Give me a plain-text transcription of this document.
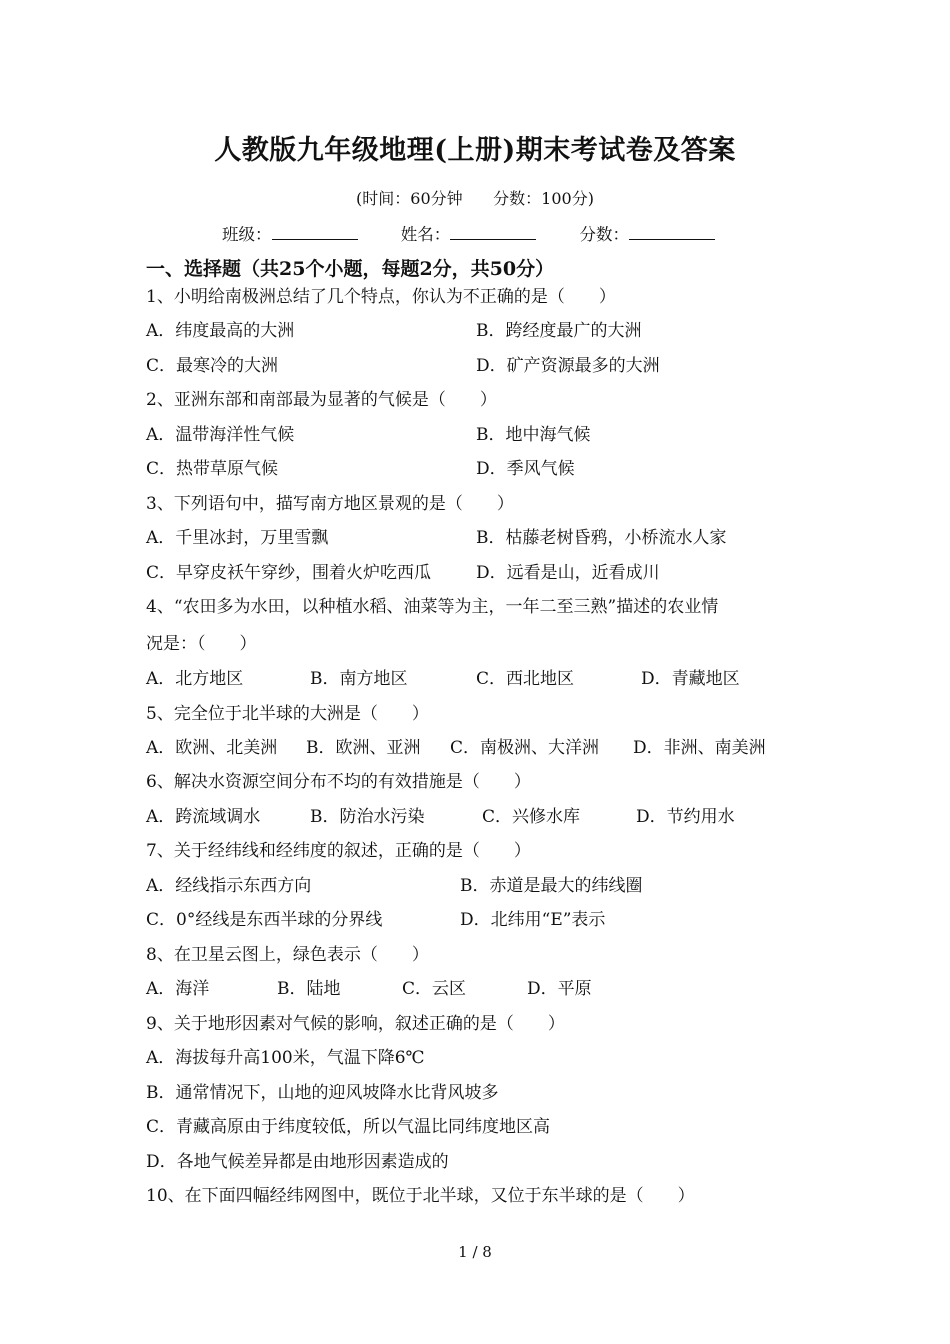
人教版九年级地理(上册)期末考试卷及答案
(时间：60分钟      分数：100分)
班级：	姓名：	分数：
一、选择题（共25个小题，每题2分，共50分）
1、小明给南极洲总结了几个特点，你认为不正确的是（　　）
A．纬度最高的大洲	B．跨经度最广的大洲
C．最寒冷的大洲	D．矿产资源最多的大洲
2、亚洲东部和南部最为显著的气候是（　　）
A．温带海洋性气候	B．地中海气候
C．热带草原气候	D．季风气候
3、下列语句中，描写南方地区景观的是（　　）
A．千里冰封，万里雪飘	B．枯藤老树昏鸦，小桥流水人家
C．早穿皮袄午穿纱，围着火炉吃西瓜	D．远看是山，近看成川
4、“农田多为水田，以种植水稻、油菜等为主，一年二至三熟”描述的农业情
况是：（　　）
A．北方地区	B．南方地区	C．西北地区	D．青藏地区
5、完全位于北半球的大洲是（　　）
A．欧洲、北美洲 B．欧洲、亚洲 C．南极洲、大洋洲 D．非洲、南美洲
6、解决水资源空间分布不均的有效措施是（　　）
A．跨流域调水	B．防治水污染	C．兴修水库	D．节约用水
7、关于经纬线和经纬度的叙述，正确的是（　　）
A．经线指示东西方向	B．赤道是最大的纬线圈
C．0°经线是东西半球的分界线	D．北纬用“E”表示
8、在卫星云图上，绿色表示（　　）
A．海洋	B．陆地	C．云区	D．平原
9、关于地形因素对气候的影响，叙述正确的是（　　）
A．海拔每升高100米，气温下降6℃
B．通常情况下，山地的迎风坡降水比背风坡多
C．青藏高原由于纬度较低，所以气温比同纬度地区高
D．各地气候差异都是由地形因素造成的
10、在下面四幅经纬网图中，既位于北半球，又位于东半球的是（　　）
1 / 8
